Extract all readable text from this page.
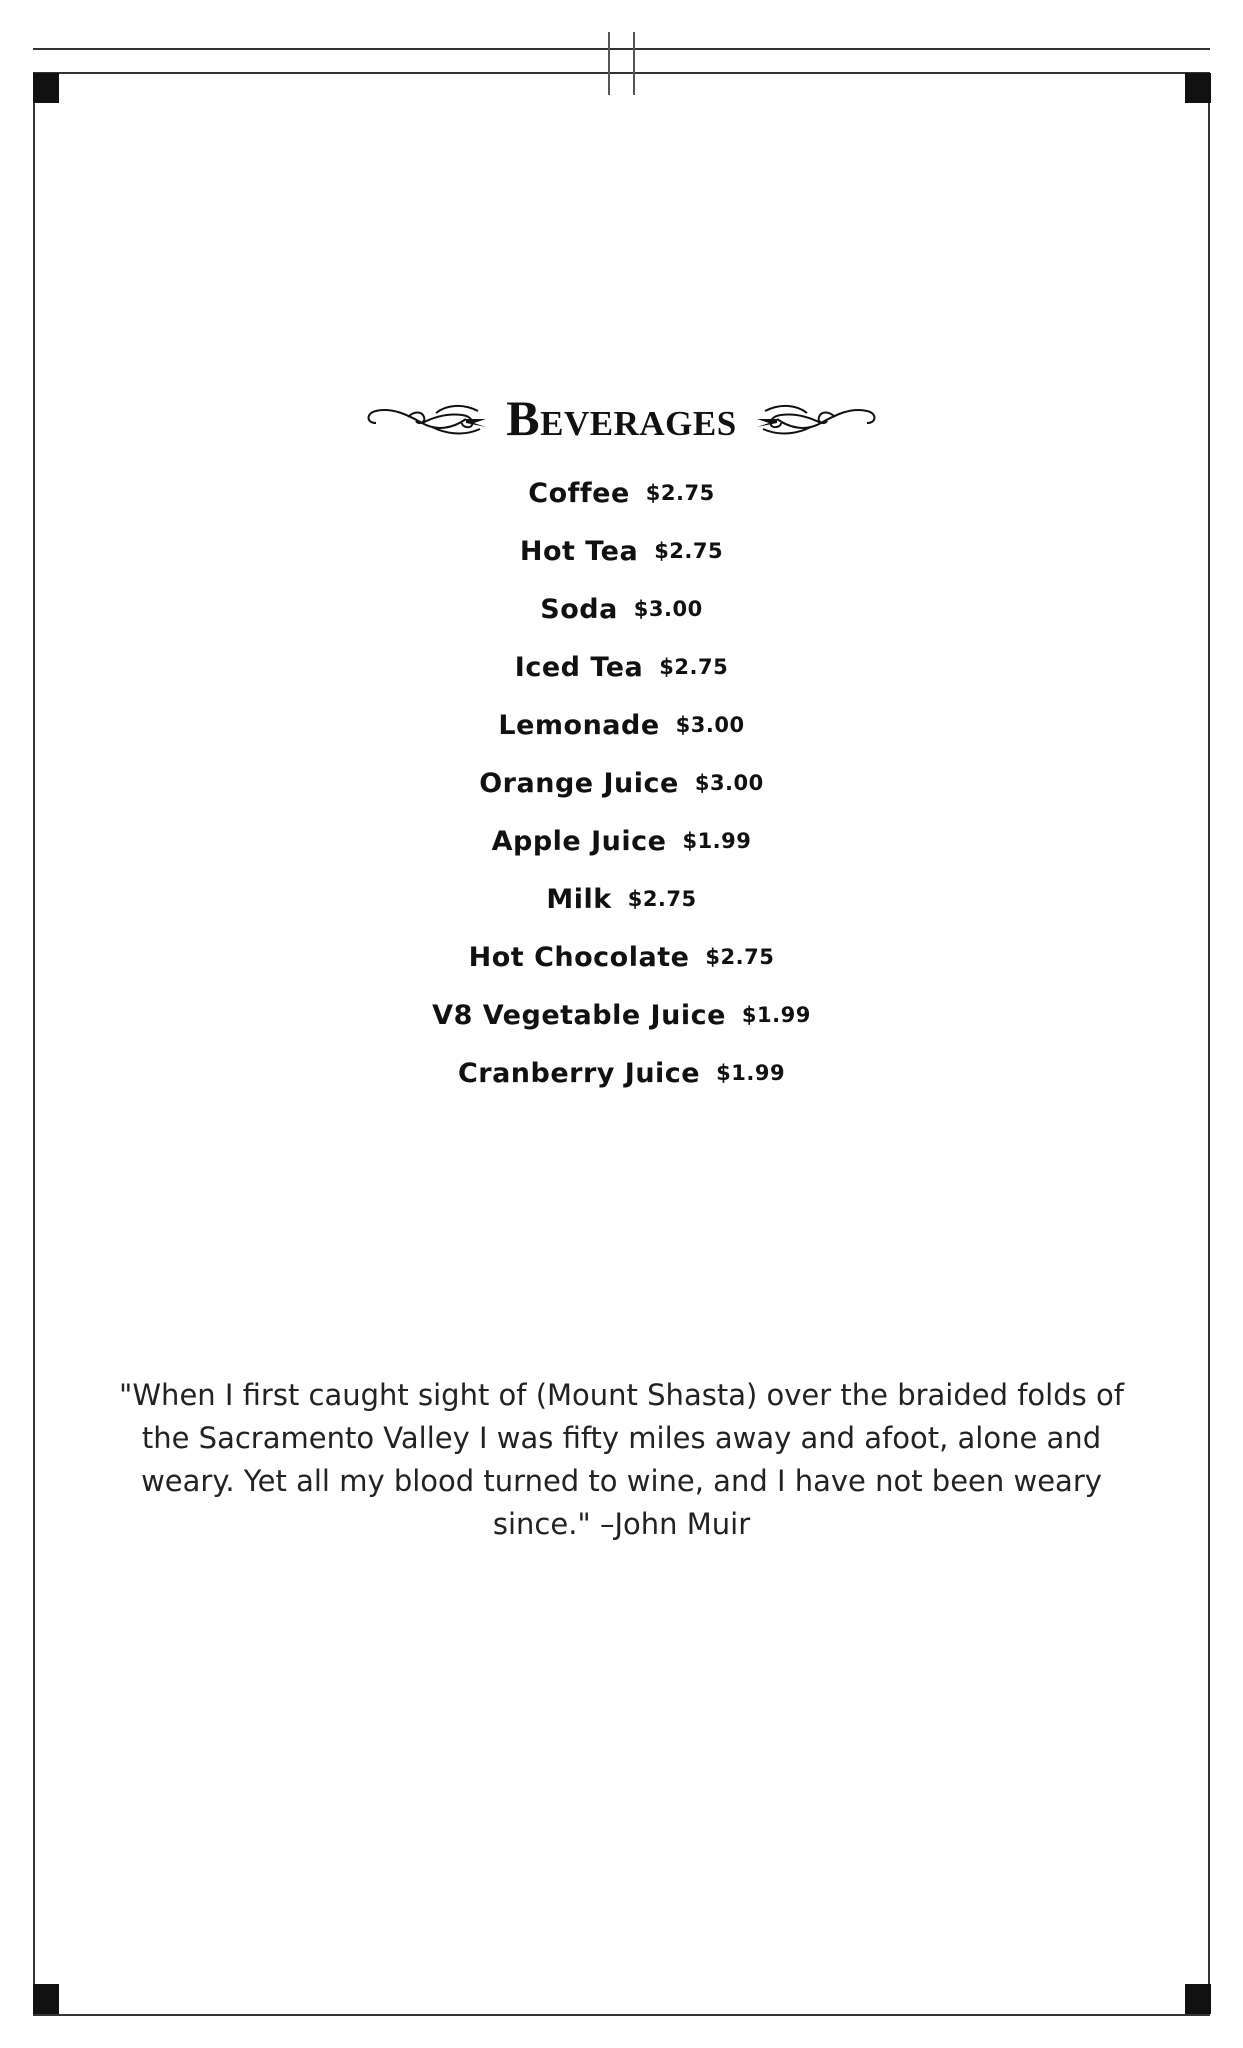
Beverages
Coffee $2.75
Hot Tea $2.75
Soda $3.00
Iced Tea $2.75
Lemonade $3.00
Orange Juice $3.00
Apple Juice $1.99
Milk $2.75
Hot Chocolate $2.75
V8 Vegetable Juice $1.99
Cranberry Juice $1.99

"When I first caught sight of (Mount Shasta) over the braided folds of the Sacramento Valley I was fifty miles away and afoot, alone and weary. Yet all my blood turned to wine, and I have not been weary since." –John Muir
